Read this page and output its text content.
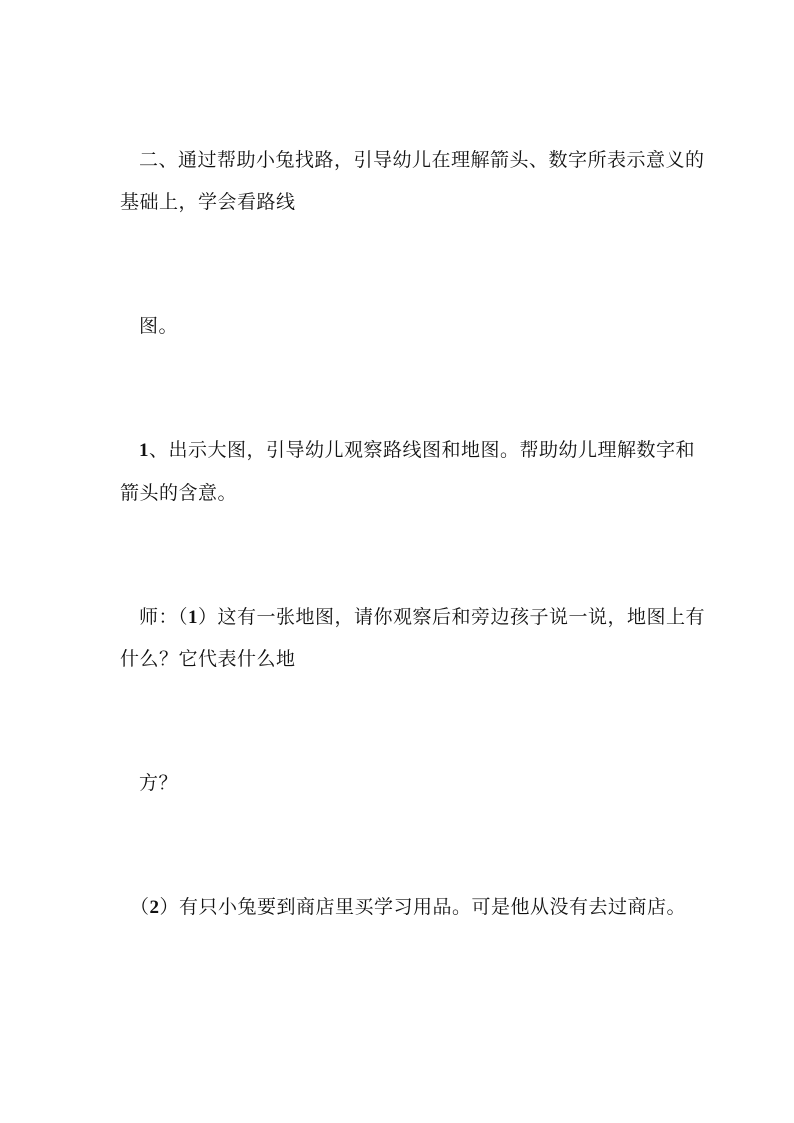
二、通过帮助小兔找路，引导幼儿在理解箭头、数字所表示意义的
基础上，学会看路线
图。
1、出示大图，引导幼儿观察路线图和地图。帮助幼儿理解数字和
箭头的含意。
师：（1）这有一张地图，请你观察后和旁边孩子说一说，地图上有
什么？它代表什么地
方？
（2）有只小兔要到商店里买学习用品。可是他从没有去过商店。
